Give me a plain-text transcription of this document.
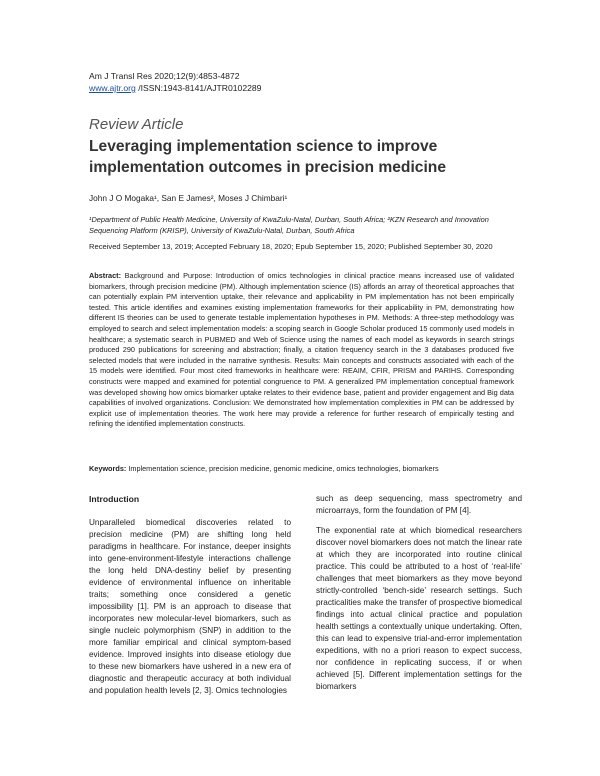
Am J Transl Res 2020;12(9):4853-4872
www.ajtr.org /ISSN:1943-8141/AJTR0102289
Review Article
Leveraging implementation science to improve
implementation outcomes in precision medicine
John J O Mogaka¹, San E James², Moses J Chimbari¹
¹Department of Public Health Medicine, University of KwaZulu-Natal, Durban, South Africa; ²KZN Research and Innovation Sequencing Platform (KRISP), University of KwaZulu-Natal, Durban, South Africa
Received September 13, 2019; Accepted February 18, 2020; Epub September 15, 2020; Published September 30, 2020

Abstract: Background and Purpose: Introduction of omics technologies in clinical practice means increased use of validated biomarkers, through precision medicine (PM). Although implementation science (IS) affords an array of theoretical approaches that can potentially explain PM intervention uptake, their relevance and applicability in PM implementation has not been empirically tested. This article identifies and examines existing implementation frameworks for their applicability in PM, demonstrating how different IS theories can be used to generate testable implementation hypotheses in PM. Methods: A three-step methodology was employed to search and select implementation models: a scoping search in Google Scholar produced 15 commonly used models in healthcare; a systematic search in PUBMED and Web of Science using the names of each model as keywords in search strings produced 290 publications for screening and abstraction; finally, a citation frequency search in the 3 databases produced five selected models that were included in the narrative synthesis. Results: Main concepts and constructs associated with each of the 15 models were identified. Four most cited frameworks in healthcare were: REAIM, CFIR, PRISM and PARIHS. Corresponding constructs were mapped and examined for potential congruence to PM. A generalized PM implementation conceptual framework was developed showing how omics biomarker uptake relates to their evidence base, patient and provider engagement and Big data capabilities of involved organizations. Conclusion: We demonstrated how implementation complexities in PM can be addressed by explicit use of implementation theories. The work here may provide a reference for further research of empirically testing and refining the identified implementation constructs.

Keywords: Implementation science, precision medicine, genomic medicine, omics technologies, biomarkers
Introduction

Unparalleled biomedical discoveries related to precision medicine (PM) are shifting long held paradigms in healthcare. For instance, deeper insights into gene-environment-lifestyle interactions challenge the long held DNA-destiny belief by presenting evidence of environmental influence on inheritable traits; something once considered a genetic impossibility [1]. PM is an approach to disease that incorporates new molecular-level biomarkers, such as single nucleic polymorphism (SNP) in addition to the more familiar empirical and clinical symptom-based evidence. Improved insights into disease etiology due to these new biomarkers have ushered in a new era of diagnostic and therapeutic accuracy at both individual and population health levels [2, 3]. Omics technologies

such as deep sequencing, mass spectrometry and microarrays, form the foundation of PM [4].

The exponential rate at which biomedical researchers discover novel biomarkers does not match the linear rate at which they are incorporated into routine clinical practice. This could be attributed to a host of ‘real-life’ challenges that meet biomarkers as they move beyond strictly-controlled ‘bench-side’ research settings. Such practicalities make the transfer of prospective biomedical findings into actual clinical practice and population health settings a contextually unique undertaking. Often, this can lead to expensive trial-and-error implementation expeditions, with no a priori reason to expect success, nor confidence in replicating success, if or when achieved [5]. Different implementation settings for the biomarkers
